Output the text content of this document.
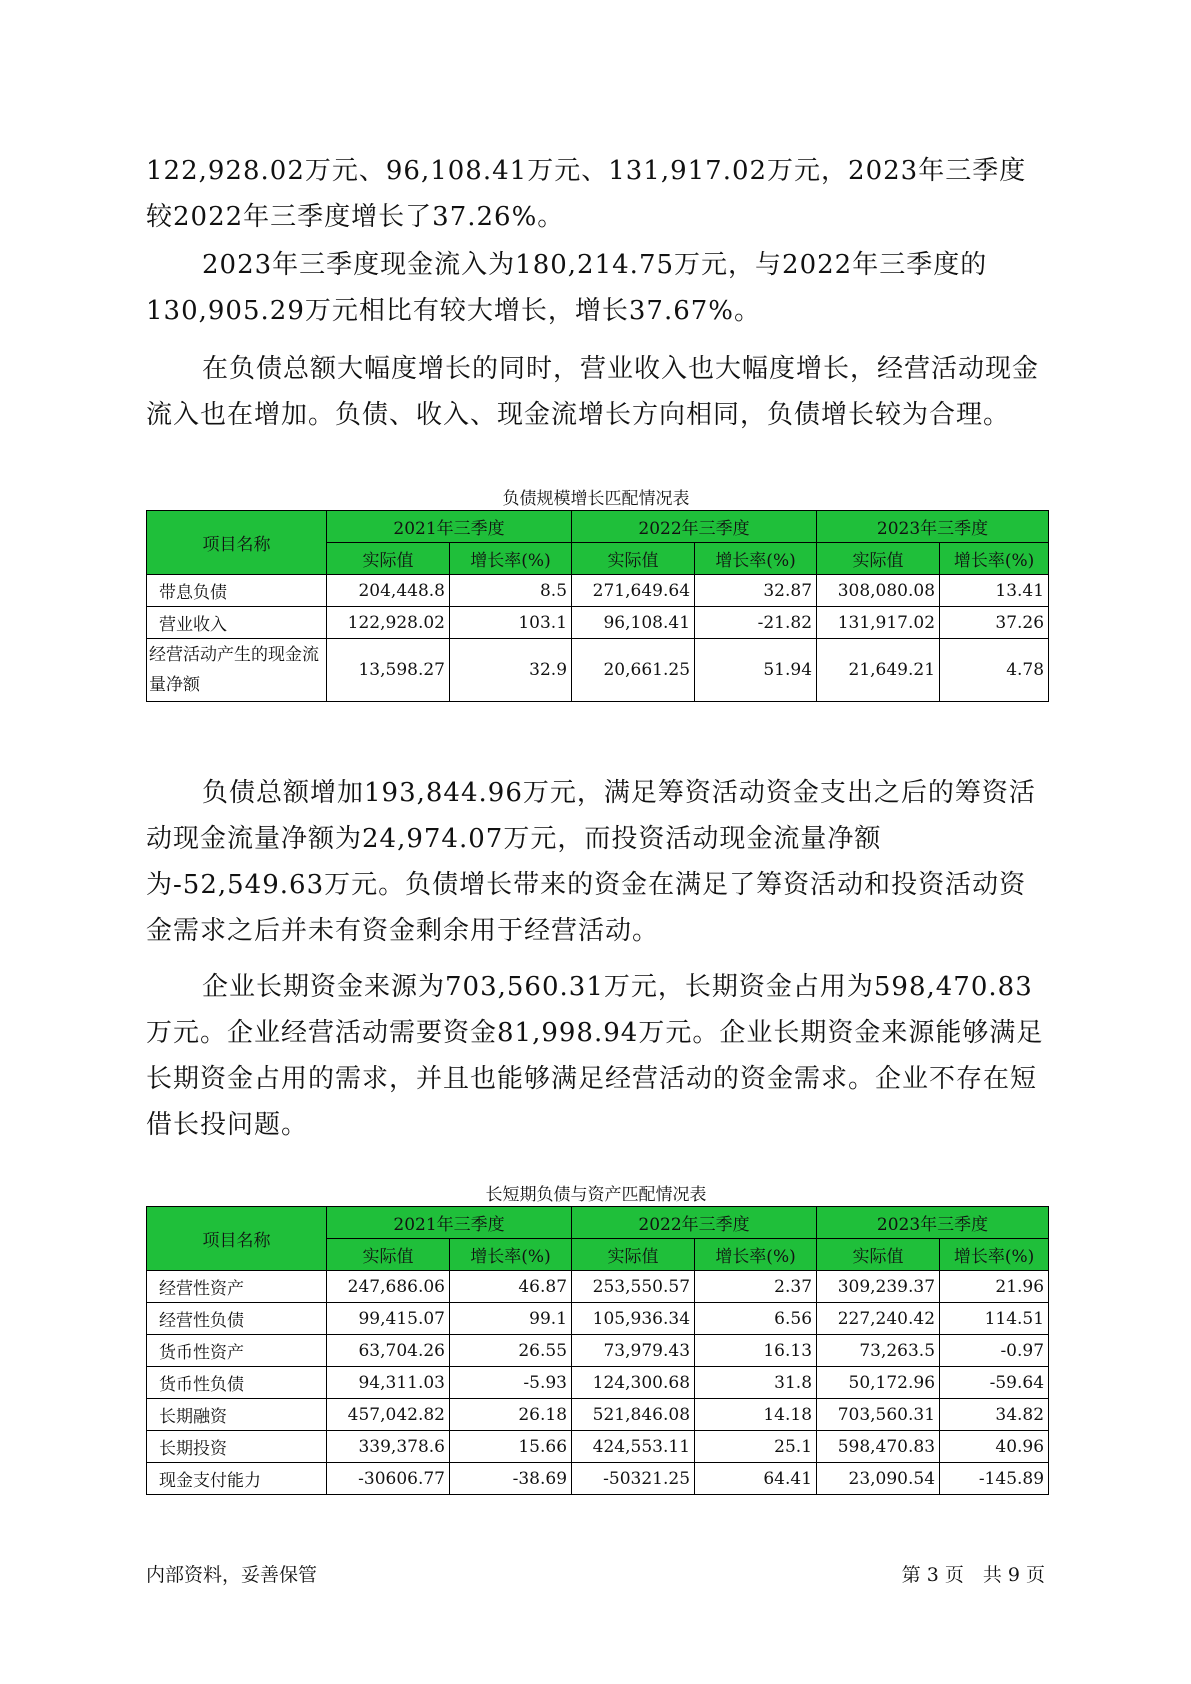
122,928.02万元、96,108.41万元、131,917.02万元，2023年三季度较2022年三季度增长了37.26%。

2023年三季度现金流入为180,214.75万元，与2022年三季度的130,905.29万元相比有较大增长，增长37.67%。

在负债总额大幅度增长的同时，营业收入也大幅度增长，经营活动现金流入也在增加。负债、收入、现金流增长方向相同，负债增长较为合理。

负债规模增长匹配情况表
项目名称	2021年三季度		2022年三季度		2023年三季度	
	实际值	增长率(%)	实际值	增长率(%)	实际值	增长率(%)
带息负债	204,448.8	8.5	271,649.64	32.87	308,080.08	13.41
营业收入	122,928.02	103.1	96,108.41	-21.82	131,917.02	37.26
经营活动产生的现金流量净额	13,598.27	32.9	20,661.25	51.94	21,649.21	4.78

负债总额增加193,844.96万元，满足筹资活动资金支出之后的筹资活动现金流量净额为24,974.07万元，而投资活动现金流量净额为-52,549.63万元。负债增长带来的资金在满足了筹资活动和投资活动资金需求之后并未有资金剩余用于经营活动。

企业长期资金来源为703,560.31万元，长期资金占用为598,470.83万元。企业经营活动需要资金81,998.94万元。企业长期资金来源能够满足长期资金占用的需求，并且也能够满足经营活动的资金需求。企业不存在短借长投问题。

长短期负债与资产匹配情况表
项目名称	2021年三季度		2022年三季度		2023年三季度	
	实际值	增长率(%)	实际值	增长率(%)	实际值	增长率(%)
经营性资产	247,686.06	46.87	253,550.57	2.37	309,239.37	21.96
经营性负债	99,415.07	99.1	105,936.34	6.56	227,240.42	114.51
货币性资产	63,704.26	26.55	73,979.43	16.13	73,263.5	-0.97
货币性负债	94,311.03	-5.93	124,300.68	31.8	50,172.96	-59.64
长期融资	457,042.82	26.18	521,846.08	14.18	703,560.31	34.82
长期投资	339,378.6	15.66	424,553.11	25.1	598,470.83	40.96
现金支付能力	-30606.77	-38.69	-50321.25	64.41	23,090.54	-145.89
内部资料，妥善保管	第 3 页　共 9 页
